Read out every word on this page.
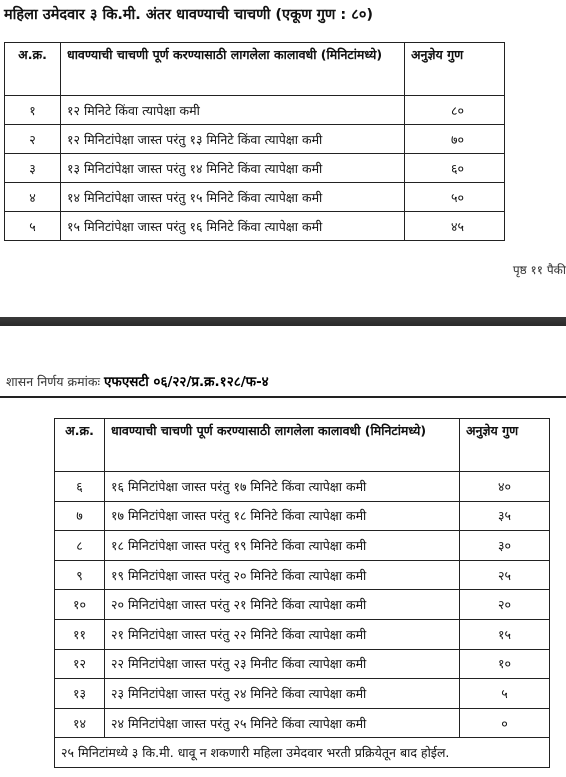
महिला उमेदवार ३ कि.मी. अंतर धावण्याची चाचणी (एकूण गुण : ८०)
अ.क्र.	धावण्याची चाचणी पूर्ण करण्यासाठी लागलेला कालावधी (मिनिटांमध्ये)	अनुज्ञेय गुण
१	१२ मिनिटे किंवा त्यापेक्षा कमी	८०
२	१२ मिनिटांपेक्षा जास्त परंतु १३ मिनिटे किंवा त्यापेक्षा कमी	७०
३	१३ मिनिटांपेक्षा जास्त परंतु १४ मिनिटे किंवा त्यापेक्षा कमी	६०
४	१४ मिनिटांपेक्षा जास्त परंतु १५ मिनिटे किंवा त्यापेक्षा कमी	५०
५	१५ मिनिटांपेक्षा जास्त परंतु १६ मिनिटे किंवा त्यापेक्षा कमी	४५
पृष्ठ ११ पैकी
शासन निर्णय क्रमांकः एफएसटी ०६/२२/प्र.क्र.१२८/फ-४
अ.क्र.	धावण्याची चाचणी पूर्ण करण्यासाठी लागलेला कालावधी (मिनिटांमध्ये)	अनुज्ञेय गुण
६	१६ मिनिटांपेक्षा जास्त परंतु १७ मिनिटे किंवा त्यापेक्षा कमी	४०
७	१७ मिनिटांपेक्षा जास्त परंतु १८ मिनिटे किंवा त्यापेक्षा कमी	३५
८	१८ मिनिटांपेक्षा जास्त परंतु १९ मिनिटे किंवा त्यापेक्षा कमी	३०
९	१९ मिनिटांपेक्षा जास्त परंतु २० मिनिटे किंवा त्यापेक्षा कमी	२५
१०	२० मिनिटांपेक्षा जास्त परंतु २१ मिनिटे किंवा त्यापेक्षा कमी	२०
११	२१ मिनिटांपेक्षा जास्त परंतु २२ मिनिटे किंवा त्यापेक्षा कमी	१५
१२	२२ मिनिटांपेक्षा जास्त परंतु २३ मिनीट किंवा त्यापेक्षा कमी	१०
१३	२३ मिनिटांपेक्षा जास्त परंतु २४ मिनिटे किंवा त्यापेक्षा कमी	५
१४	२४ मिनिटांपेक्षा जास्त परंतु २५ मिनिटे किंवा त्यापेक्षा कमी	०
२५ मिनिटांमध्ये ३ कि.मी. धावू न शकणारी महिला उमेदवार भरती प्रक्रियेतून बाद होईल.		
